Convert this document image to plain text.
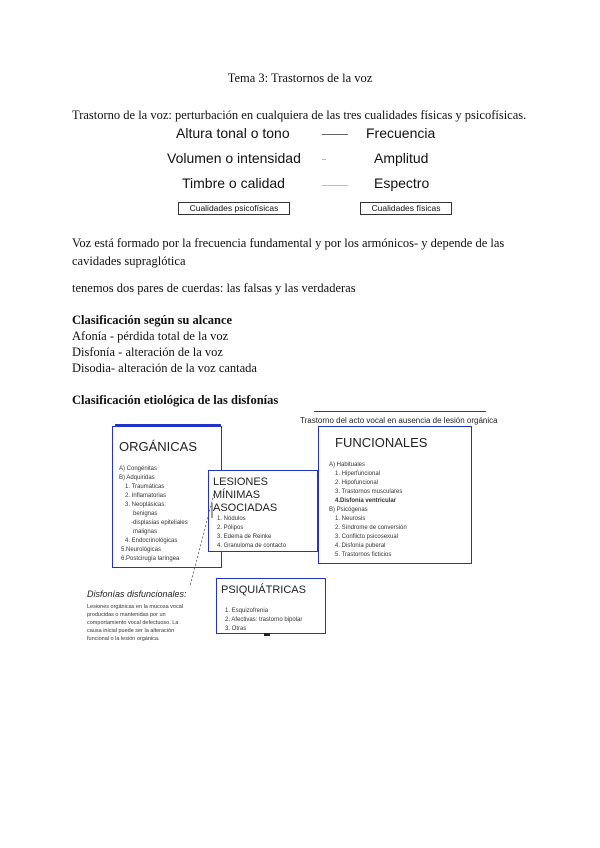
Tema 3: Trastornos de la voz
Trastorno de la voz: perturbación en cualquiera de las tres cualidades físicas y psicofísicas.
Altura tonal o tono	Frecuencia
Volumen o intensidad	Amplitud
Timbre o calidad	Espectro
Cualidades psicofísicas	Cualidades físicas
Voz está formado por la frecuencia fundamental y por los armónicos- y depende de las cavidades supraglótica
tenemos dos pares de cuerdas: las falsas y las verdaderas
Clasificación según su alcance
Afonía - pérdida total de la voz
Disfonía - alteración de la voz
Disodia- alteración de la voz cantada
Clasificación etiológica de las disfonías
Trastorno del acto vocal en ausencia de lesión orgánica
ORGÁNICAS
A) Congénitas
B) Adquiridas
1. Traumáticas
2. Inflamatorias
3. Neoplásicas:
benignas
-displasias epiteliales
malignas
4. Endocrinológicas
5.Neurológicas
6.Postcirugía laríngea
FUNCIONALES
A) Habituales
1. Hiperfuncional
2. Hipofuncional
3. Trastornos musculares
4.Disfonía ventricular
B) Psicógenas
1. Neurosis
2. Síndrome de conversión
3. Conflicto psicosexual
4. Disfonía puberal
5. Trastornos ficticios
LESIONES MÍNIMAS
ASOCIADAS
1. Nódulos
2. Pólipos
3. Edema de Reinke
4. Granuloma de contacto
PSIQUIÁTRICAS
1. Esquizofrenia
2. Afectivas: trastorno bipolar
3. Otras
Disfonías disfuncionales:
Lesiones orgánicas en la mucosa vocal
producidas o mantenidas por un
comportamiento vocal defectuoso. La
causa inicial puede ser la alteración
funcional o la lesión orgánica.
